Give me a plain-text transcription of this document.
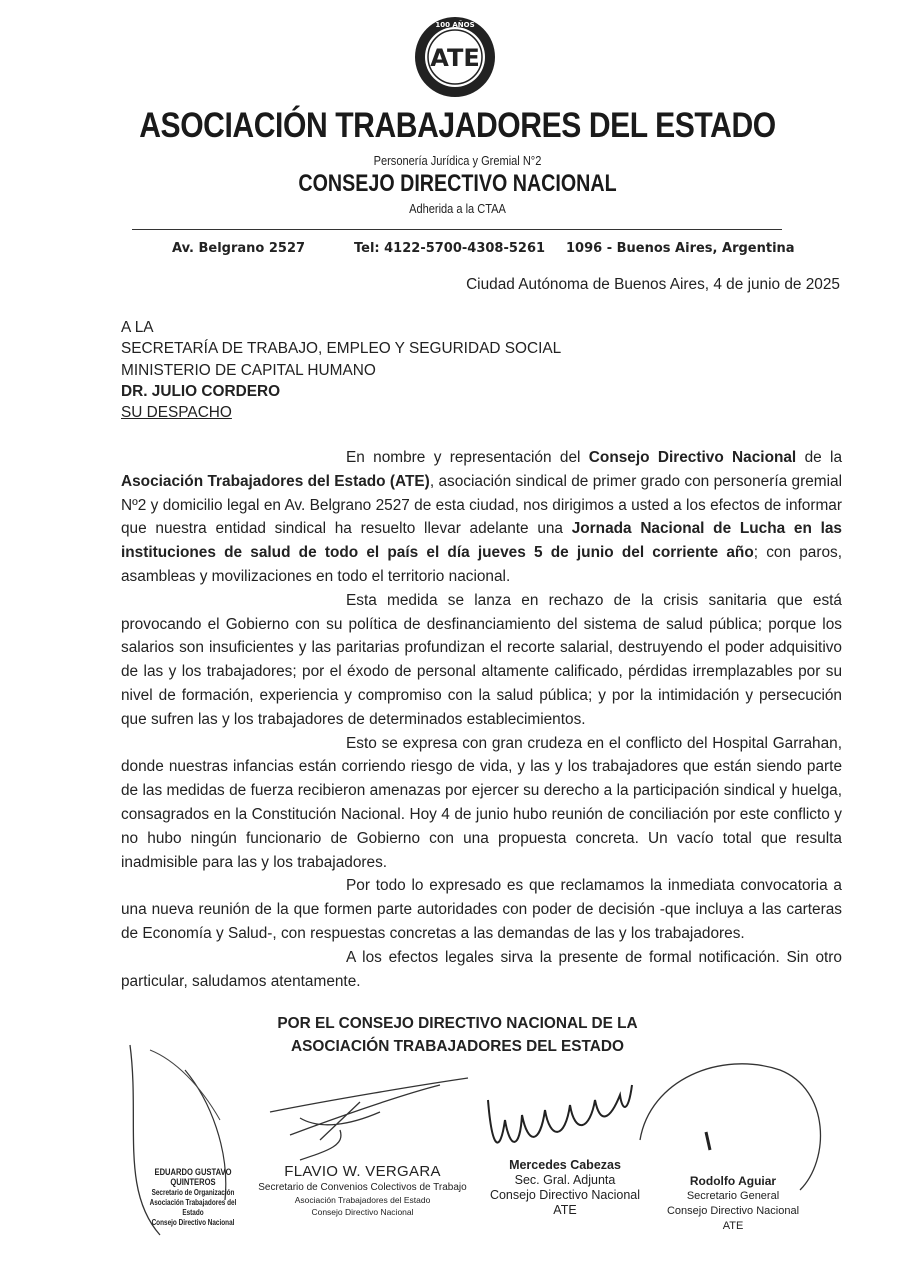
100 AÑOS
ATE
ASOCIACIÓN TRABAJADORES DEL ESTADO
Personería Jurídica y Gremial N°2
CONSEJO DIRECTIVO NACIONAL
Adherida a la CTAA
Av. Belgrano 2527	Tel: 4122-5700-4308-5261 1096 - Buenos Aires, Argentina
Ciudad Autónoma de Buenos Aires, 4 de junio de 2025
A LA
SECRETARÍA DE TRABAJO, EMPLEO Y SEGURIDAD SOCIAL
MINISTERIO DE CAPITAL HUMANO
DR. JULIO CORDERO
SU DESPACHO

En nombre y representación del Consejo Directivo Nacional de la Asociación Trabajadores del Estado (ATE), asociación sindical de primer grado con personería gremial Nº2 y domicilio legal en Av. Belgrano 2527 de esta ciudad, nos dirigimos a usted a los efectos de informar que nuestra entidad sindical ha resuelto llevar adelante una Jornada Nacional de Lucha en las instituciones de salud de todo el país el día jueves 5 de junio del corriente año; con paros, asambleas y movilizaciones en todo el territorio nacional.

Esta medida se lanza en rechazo de la crisis sanitaria que está provocando el Gobierno con su política de desfinanciamiento del sistema de salud pública; porque los salarios son insuficientes y las paritarias profundizan el recorte salarial, destruyendo el poder adquisitivo de las y los trabajadores; por el éxodo de personal altamente calificado, pérdidas irremplazables por su nivel de formación, experiencia y compromiso con la salud pública; y por la intimidación y persecución que sufren las y los trabajadores de determinados establecimientos.

Esto se expresa con gran crudeza en el conflicto del Hospital Garrahan, donde nuestras infancias están corriendo riesgo de vida, y las y los trabajadores que están siendo parte de las medidas de fuerza recibieron amenazas por ejercer su derecho a la participación sindical y huelga, consagrados en la Constitución Nacional. Hoy 4 de junio hubo reunión de conciliación por este conflicto y no hubo ningún funcionario de Gobierno con una propuesta concreta. Un vacío total que resulta inadmisible para las y los trabajadores.

Por todo lo expresado es que reclamamos la inmediata convocatoria a una nueva reunión de la que formen parte autoridades con poder de decisión -que incluya a las carteras de Economía y Salud-, con respuestas concretas a las demandas de las y los trabajadores.

A los efectos legales sirva la presente de formal notificación. Sin otro particular, saludamos atentamente.

POR EL CONSEJO DIRECTIVO NACIONAL DE LA
ASOCIACIÓN TRABAJADORES DEL ESTADO
EDUARDO GUSTAVO QUINTEROS
Secretario de Organización
Asociación Trabajadores del Estado
Consejo Directivo Nacional
FLAVIO W. VERGARA
Secretario de Convenios Colectivos de Trabajo
Asociación Trabajadores del Estado
Consejo Directivo Nacional
Mercedes Cabezas
Sec. Gral. Adjunta
Consejo Directivo Nacional
ATE
Rodolfo Aguiar
Secretario General
Consejo Directivo Nacional
ATE
